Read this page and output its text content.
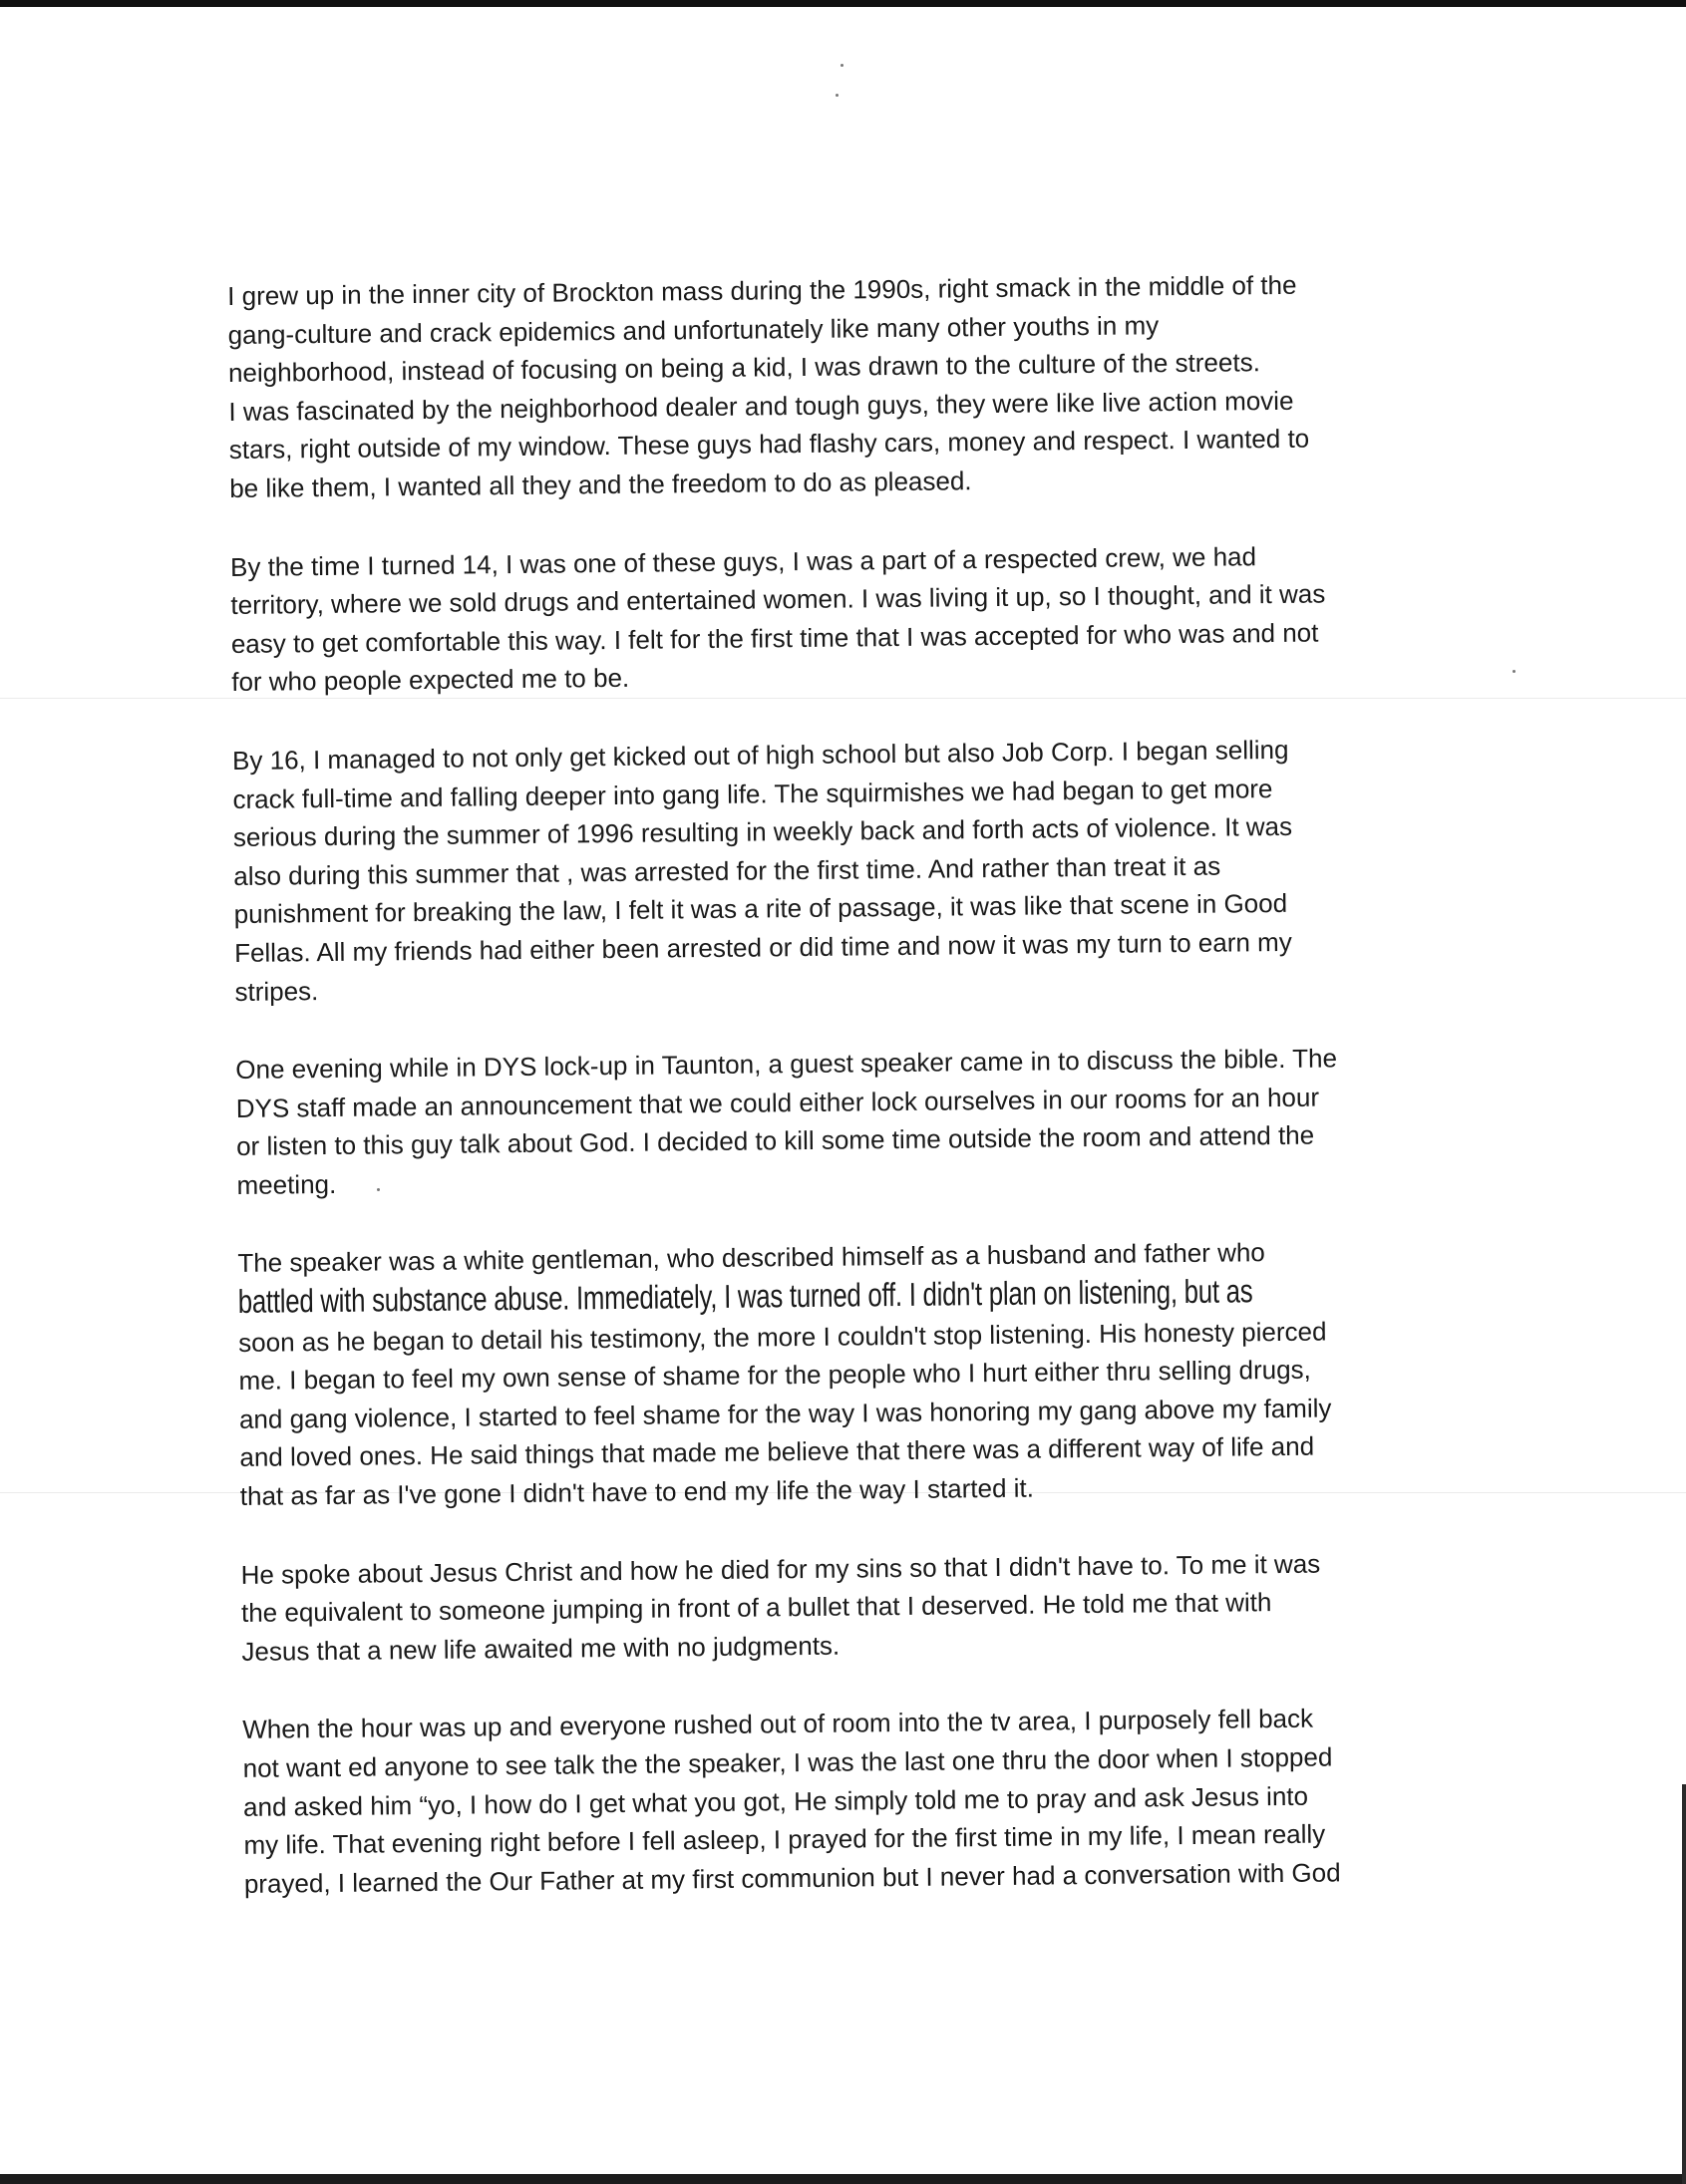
I grew up in the inner city of Brockton mass during the 1990s, right smack in the middle of the
gang-culture and crack epidemics and unfortunately like many other youths in my
neighborhood, instead of focusing on being a kid, I was drawn to the culture of the streets.
I was fascinated by the neighborhood dealer and tough guys, they were like live action movie
stars, right outside of my window. These guys had flashy cars, money and respect. I wanted to
be like them, I wanted all they and the freedom to do as pleased.

By the time I turned 14, I was one of these guys, I was a part of a respected crew, we had
territory, where we sold drugs and entertained women. I was living it up, so I thought, and it was
easy to get comfortable this way. I felt for the first time that I was accepted for who was and not
for who people expected me to be.

By 16, I managed to not only get kicked out of high school but also Job Corp. I began selling
crack full-time and falling deeper into gang life. The squirmishes we had began to get more
serious during the summer of 1996 resulting in weekly back and forth acts of violence. It was
also during this summer that , was arrested for the first time. And rather than treat it as
punishment for breaking the law, I felt it was a rite of passage, it was like that scene in Good
Fellas. All my friends had either been arrested or did time and now it was my turn to earn my
stripes.

One evening while in DYS lock-up in Taunton, a guest speaker came in to discuss the bible. The
DYS staff made an announcement that we could either lock ourselves in our rooms for an hour
or listen to this guy talk about God. I decided to kill some time outside the room and attend the
meeting.

The speaker was a white gentleman, who described himself as a husband and father who
battled with substance abuse. Immediately, I was turned off. I didn't plan on listening, but as
soon as he began to detail his testimony, the more I couldn't stop listening. His honesty pierced
me. I began to feel my own sense of shame for the people who I hurt either thru selling drugs,
and gang violence, I started to feel shame for the way I was honoring my gang above my family
and loved ones. He said things that made me believe that there was a different way of life and
that as far as I've gone I didn't have to end my life the way I started it.

He spoke about Jesus Christ and how he died for my sins so that I didn't have to. To me it was
the equivalent to someone jumping in front of a bullet that I deserved. He told me that with
Jesus that a new life awaited me with no judgments.

When the hour was up and everyone rushed out of room into the tv area, I purposely fell back
not want ed anyone to see talk the the speaker, I was the last one thru the door when I stopped
and asked him “yo, I how do I get what you got, He simply told me to pray and ask Jesus into
my life. That evening right before I fell asleep, I prayed for the first time in my life, I mean really
prayed, I learned the Our Father at my first communion but I never had a conversation with God
